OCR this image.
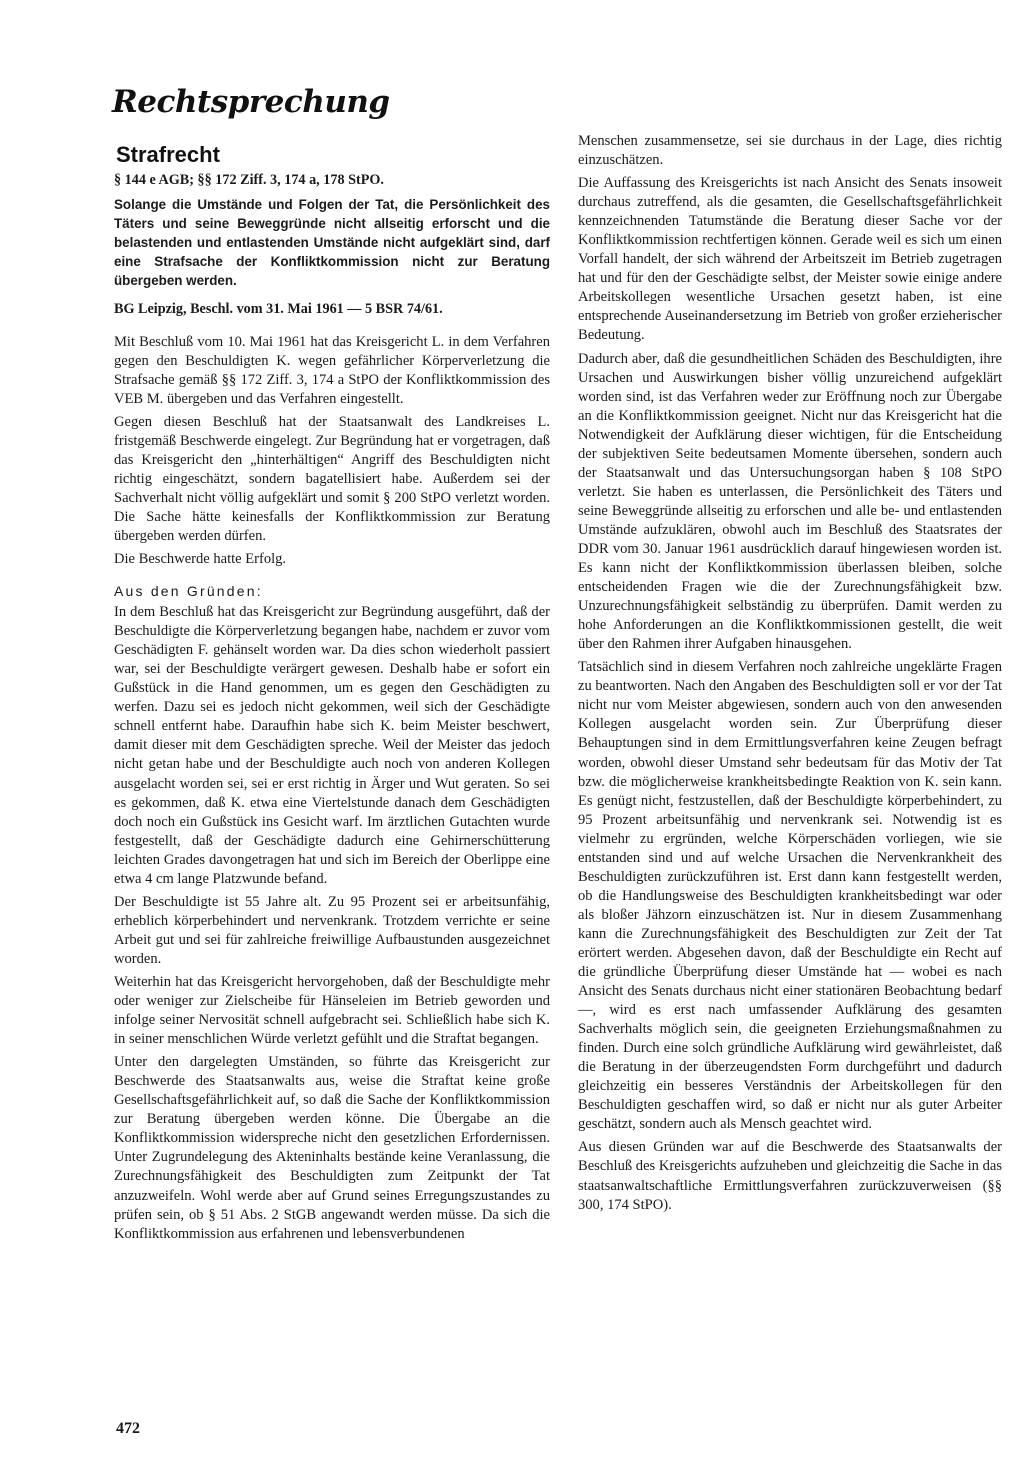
Rechtsprechung
Strafrecht

§ 144 e AGB; §§ 172 Ziff. 3, 174 a, 178 StPO.

Solange die Umstände und Folgen der Tat, die Persönlichkeit des Täters und seine Beweggründe nicht allseitig erforscht und die belastenden und entlastenden Umstände nicht aufgeklärt sind, darf eine Strafsache der Konfliktkommission nicht zur Beratung übergeben werden.

BG Leipzig, Beschl. vom 31. Mai 1961 — 5 BSR 74/61.

Mit Beschluß vom 10. Mai 1961 hat das Kreisgericht L. in dem Verfahren gegen den Beschuldigten K. wegen gefährlicher Körperverletzung die Strafsache gemäß §§ 172 Ziff. 3, 174 a StPO der Konfliktkommission des VEB M. übergeben und das Verfahren eingestellt.

Gegen diesen Beschluß hat der Staatsanwalt des Landkreises L. fristgemäß Beschwerde eingelegt. Zur Begründung hat er vorgetragen, daß das Kreisgericht den „hinterhältigen“ Angriff des Beschuldigten nicht richtig eingeschätzt, sondern bagatellisiert habe. Außerdem sei der Sachverhalt nicht völlig aufgeklärt und somit § 200 StPO verletzt worden. Die Sache hätte keinesfalls der Konfliktkommission zur Beratung übergeben werden dürfen.

Die Beschwerde hatte Erfolg.

Aus den Gründen:

In dem Beschluß hat das Kreisgericht zur Begründung ausgeführt, daß der Beschuldigte die Körperverletzung begangen habe, nachdem er zuvor vom Geschädigten F. gehänselt worden war. Da dies schon wiederholt passiert war, sei der Beschuldigte verärgert gewesen. Deshalb habe er sofort ein Gußstück in die Hand genommen, um es gegen den Geschädigten zu werfen. Dazu sei es jedoch nicht gekommen, weil sich der Geschädigte schnell entfernt habe. Daraufhin habe sich K. beim Meister beschwert, damit dieser mit dem Geschädigten spreche. Weil der Meister das jedoch nicht getan habe und der Beschuldigte auch noch von anderen Kollegen ausgelacht worden sei, sei er erst richtig in Ärger und Wut geraten. So sei es gekommen, daß K. etwa eine Viertelstunde danach dem Geschädigten doch noch ein Gußstück ins Gesicht warf. Im ärztlichen Gutachten wurde festgestellt, daß der Geschädigte dadurch eine Gehirnerschütterung leichten Grades davongetragen hat und sich im Bereich der Oberlippe eine etwa 4 cm lange Platzwunde befand.

Der Beschuldigte ist 55 Jahre alt. Zu 95 Prozent sei er arbeitsunfähig, erheblich körperbehindert und nervenkrank. Trotzdem verrichte er seine Arbeit gut und sei für zahlreiche freiwillige Aufbaustunden ausgezeichnet worden.

Weiterhin hat das Kreisgericht hervorgehoben, daß der Beschuldigte mehr oder weniger zur Zielscheibe für Hänseleien im Betrieb geworden und infolge seiner Nervosität schnell aufgebracht sei. Schließlich habe sich K. in seiner menschlichen Würde verletzt gefühlt und die Straftat begangen.

Unter den dargelegten Umständen, so führte das Kreisgericht zur Beschwerde des Staatsanwalts aus, weise die Straftat keine große Gesellschaftsgefährlichkeit auf, so daß die Sache der Konfliktkommission zur Beratung übergeben werden könne. Die Übergabe an die Konfliktkommission widerspreche nicht den gesetzlichen Erfordernissen. Unter Zugrundelegung des Akteninhalts bestände keine Veranlassung, die Zurechnungsfähigkeit des Beschuldigten zum Zeitpunkt der Tat anzuzweifeln. Wohl werde aber auf Grund seines Erregungszustandes zu prüfen sein, ob § 51 Abs. 2 StGB angewandt werden müsse. Da sich die Konfliktkommission aus erfahrenen und lebensverbundenen

Menschen zusammensetze, sei sie durchaus in der Lage, dies richtig einzuschätzen.

Die Auffassung des Kreisgerichts ist nach Ansicht des Senats insoweit durchaus zutreffend, als die gesamten, die Gesellschaftsgefährlichkeit kennzeichnenden Tatumstände die Beratung dieser Sache vor der Konfliktkommission rechtfertigen können. Gerade weil es sich um einen Vorfall handelt, der sich während der Arbeitszeit im Betrieb zugetragen hat und für den der Geschädigte selbst, der Meister sowie einige andere Arbeitskollegen wesentliche Ursachen gesetzt haben, ist eine entsprechende Auseinandersetzung im Betrieb von großer erzieherischer Bedeutung.

Dadurch aber, daß die gesundheitlichen Schäden des Beschuldigten, ihre Ursachen und Auswirkungen bisher völlig unzureichend aufgeklärt worden sind, ist das Verfahren weder zur Eröffnung noch zur Übergabe an die Konfliktkommission geeignet. Nicht nur das Kreisgericht hat die Notwendigkeit der Aufklärung dieser wichtigen, für die Entscheidung der subjektiven Seite bedeutsamen Momente übersehen, sondern auch der Staatsanwalt und das Untersuchungsorgan haben § 108 StPO verletzt. Sie haben es unterlassen, die Persönlichkeit des Täters und seine Beweggründe allseitig zu erforschen und alle be- und entlastenden Umstände aufzuklären, obwohl auch im Beschluß des Staatsrates der DDR vom 30. Januar 1961 ausdrücklich darauf hingewiesen worden ist. Es kann nicht der Konfliktkommission überlassen bleiben, solche entscheidenden Fragen wie die der Zurechnungsfähigkeit bzw. Unzurechnungsfähigkeit selbständig zu überprüfen. Damit werden zu hohe Anforderungen an die Konfliktkommissionen gestellt, die weit über den Rahmen ihrer Aufgaben hinausgehen.

Tatsächlich sind in diesem Verfahren noch zahlreiche ungeklärte Fragen zu beantworten. Nach den Angaben des Beschuldigten soll er vor der Tat nicht nur vom Meister abgewiesen, sondern auch von den anwesenden Kollegen ausgelacht worden sein. Zur Überprüfung dieser Behauptungen sind in dem Ermittlungsverfahren keine Zeugen befragt worden, obwohl dieser Umstand sehr bedeutsam für das Motiv der Tat bzw. die möglicherweise krankheitsbedingte Reaktion von K. sein kann. Es genügt nicht, festzustellen, daß der Beschuldigte körperbehindert, zu 95 Prozent arbeitsunfähig und nervenkrank sei. Notwendig ist es vielmehr zu ergründen, welche Körperschäden vorliegen, wie sie entstanden sind und auf welche Ursachen die Nervenkrankheit des Beschuldigten zurückzuführen ist. Erst dann kann festgestellt werden, ob die Handlungsweise des Beschuldigten krankheitsbedingt war oder als bloßer Jähzorn einzuschätzen ist. Nur in diesem Zusammenhang kann die Zurechnungsfähigkeit des Beschuldigten zur Zeit der Tat erörtert werden. Abgesehen davon, daß der Beschuldigte ein Recht auf die gründliche Überprüfung dieser Umstände hat — wobei es nach Ansicht des Senats durchaus nicht einer stationären Beobachtung bedarf —, wird es erst nach umfassender Aufklärung des gesamten Sachverhalts möglich sein, die geeigneten Erziehungsmaßnahmen zu finden. Durch eine solch gründliche Aufklärung wird gewährleistet, daß die Beratung in der überzeugendsten Form durchgeführt und dadurch gleichzeitig ein besseres Verständnis der Arbeitskollegen für den Beschuldigten geschaffen wird, so daß er nicht nur als guter Arbeiter geschätzt, sondern auch als Mensch geachtet wird.

Aus diesen Gründen war auf die Beschwerde des Staatsanwalts der Beschluß des Kreisgerichts aufzuheben und gleichzeitig die Sache in das staatsanwaltschaftliche Ermittlungsverfahren zurückzuverweisen (§§ 300, 174 StPO).

472
